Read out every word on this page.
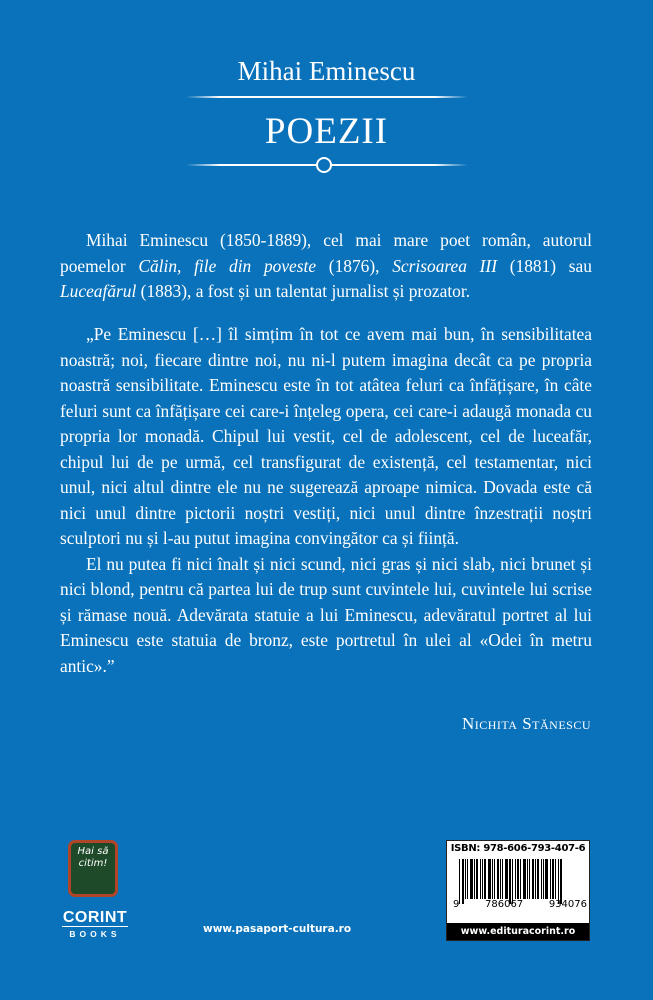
Mihai Eminescu
POEZII

Mihai Eminescu (1850-1889), cel mai mare poet român, autorul poemelor Călin, file din poveste (1876), Scrisoarea III (1881) sau Luceafărul (1883), a fost și un talentat jurnalist și prozator.

„Pe Eminescu […] îl simțim în tot ce avem mai bun, în sensibilitatea noastră; noi, fiecare dintre noi, nu ni-l putem imagina decât ca pe propria noastră sensibilitate. Eminescu este în tot atâtea feluri ca înfățișare, în câte feluri sunt ca înfățișare cei care-i înțeleg opera, cei care-i adaugă monada cu propria lor monadă. Chipul lui vestit, cel de adolescent, cel de luceafăr, chipul lui de pe urmă, cel transfigurat de existență, cel testamentar, nici unul, nici altul dintre ele nu ne sugerează aproape nimica. Dovada este că nici unul dintre pictorii noștri vestiți, nici unul dintre înzestrații noștri sculptori nu și l-au putut imagina convingător ca și ființă.

El nu putea fi nici înalt și nici scund, nici gras și nici slab, nici brunet și nici blond, pentru că partea lui de trup sunt cuvintele lui, cuvintele lui scrise și rămase nouă. Adevărata statuie a lui Eminescu, adevăratul portret al lui Eminescu este statuia de bronz, este portretul în ulei al «Odei în metru antic».”

Nichita Stănescu
Hai să citim!
CORINT
BOOKS	www.pasaport-cultura.ro
ISBN: 978-606-793-407-6
9	786067	934076
www.edituracorint.ro
